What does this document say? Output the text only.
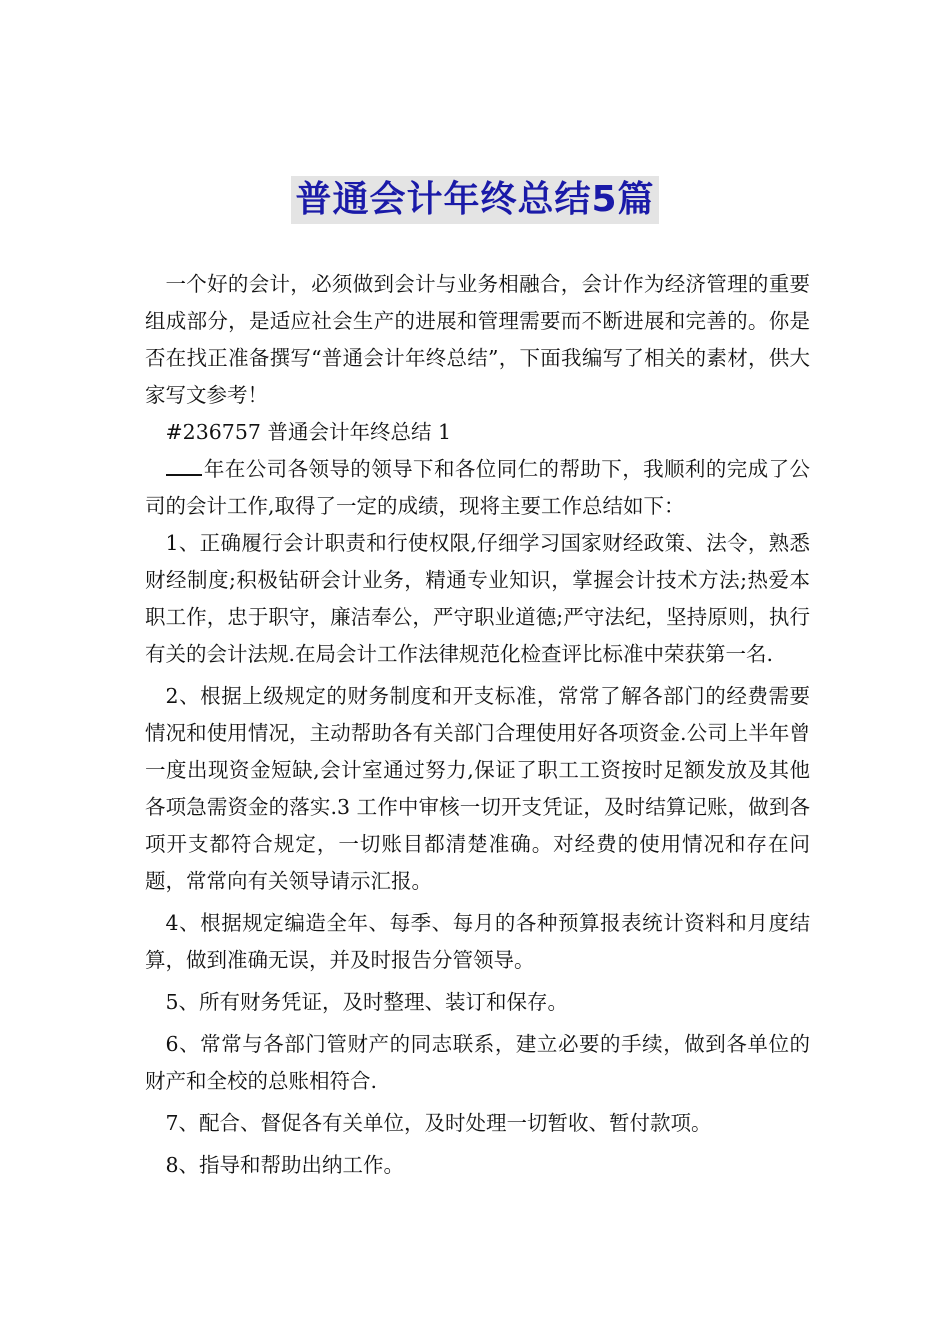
普通会计年终总结5篇

一个好的会计，必须做到会计与业务相融合，会计作为经济管理的重要组成部分，是适应社会生产的进展和管理需要而不断进展和完善的。你是否在找正准备撰写“普通会计年终总结”，下面我编写了相关的素材，供大家写文参考！

#236757 普通会计年终总结 1

年在公司各领导的领导下和各位同仁的帮助下，我顺利的完成了公司的会计工作,取得了一定的成绩，现将主要工作总结如下：

1、正确履行会计职责和行使权限,仔细学习国家财经政策、法令，熟悉财经制度;积极钻研会计业务，精通专业知识，掌握会计技术方法;热爱本职工作，忠于职守，廉洁奉公，严守职业道德;严守法纪，坚持原则，执行有关的会计法规.在局会计工作法律规范化检查评比标准中荣获第一名.

2、根据上级规定的财务制度和开支标准，常常了解各部门的经费需要情况和使用情况，主动帮助各有关部门合理使用好各项资金.公司上半年曾一度出现资金短缺,会计室通过努力,保证了职工工资按时足额发放及其他各项急需资金的落实.3 工作中审核一切开支凭证，及时结算记账，做到各项开支都符合规定，一切账目都清楚准确。对经费的使用情况和存在问题，常常向有关领导请示汇报。

4、根据规定编造全年、每季、每月的各种预算报表统计资料和月度结算，做到准确无误，并及时报告分管领导。

5、所有财务凭证，及时整理、装订和保存。

6、常常与各部门管财产的同志联系，建立必要的手续，做到各单位的财产和全校的总账相符合.

7、配合、督促各有关单位，及时处理一切暂收、暂付款项。

8、指导和帮助出纳工作。
